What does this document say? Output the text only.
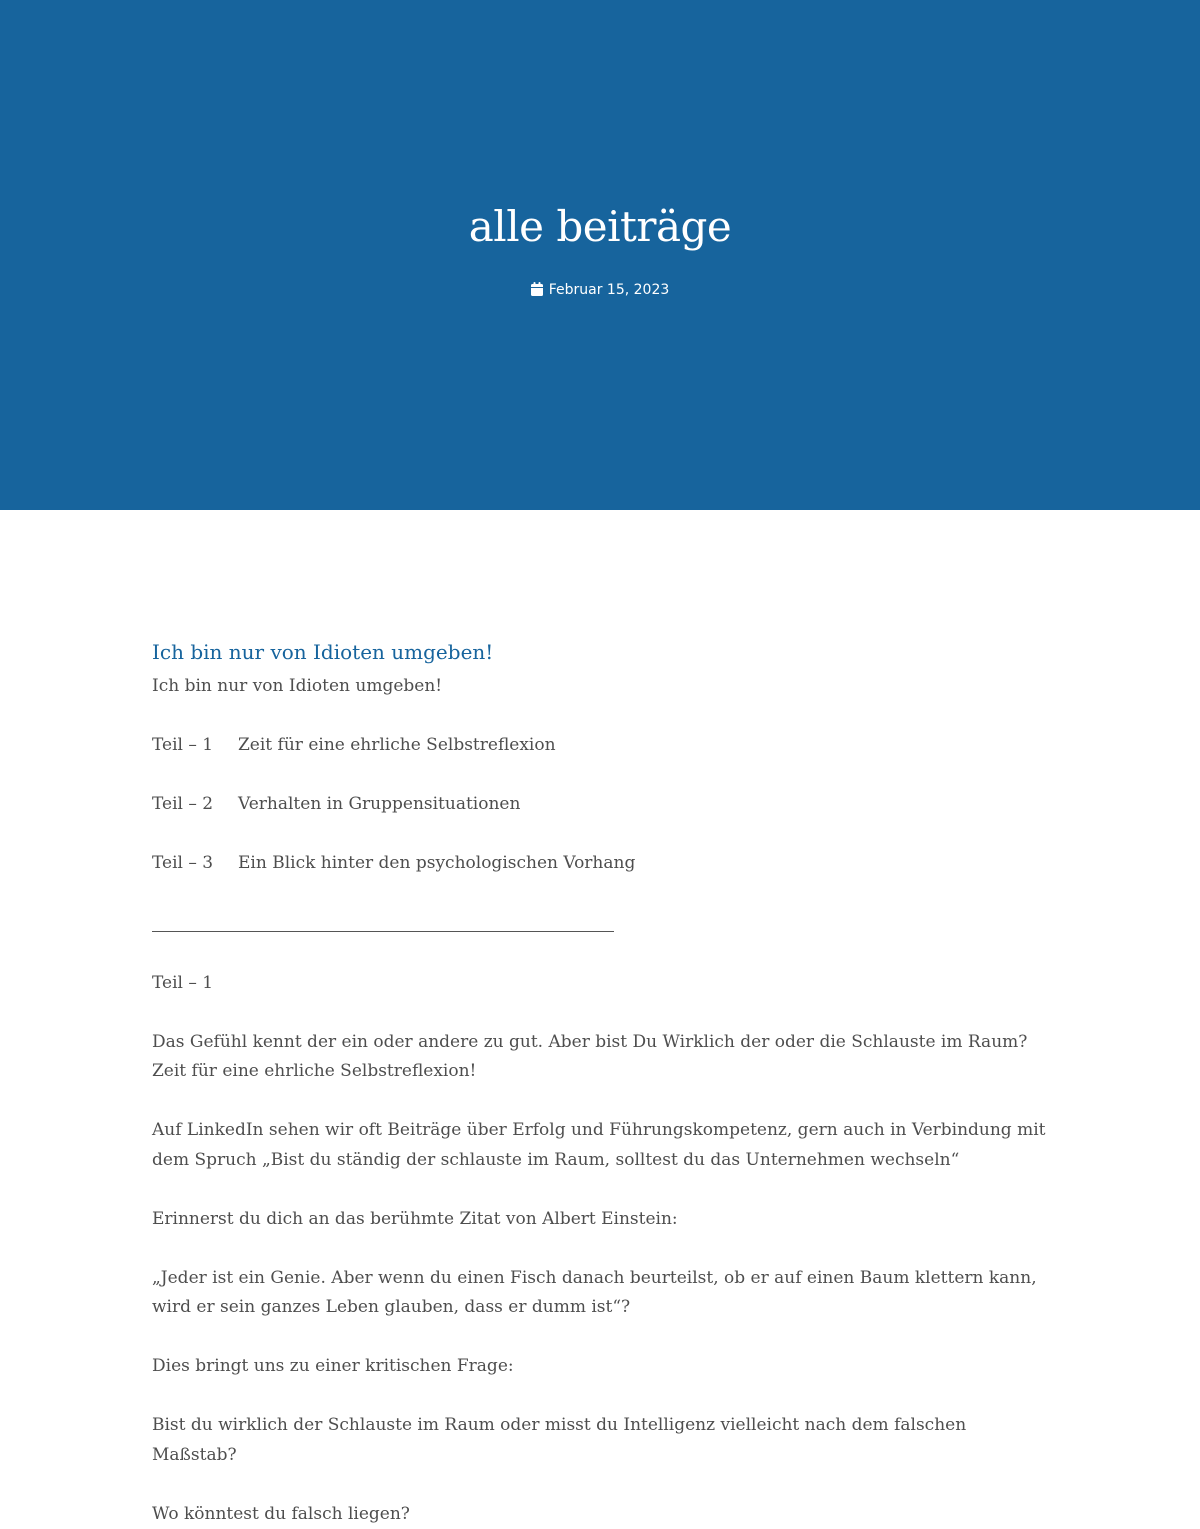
alle beiträge
Februar 15, 2023
Ich bin nur von Idioten umgeben!

Ich bin nur von Idioten umgeben!

Teil – 1 Zeit für eine ehrliche Selbstreflexion

Teil – 2 Verhalten in Gruppensituationen

Teil – 3 Ein Blick hinter den psychologischen Vorhang

Teil – 1

Das Gefühl kennt der ein oder andere zu gut. Aber bist Du Wirklich der oder die Schlauste im Raum? Zeit für eine ehrliche Selbstreflexion!

Auf LinkedIn sehen wir oft Beiträge über Erfolg und Führungskompetenz, gern auch in Verbindung mit dem Spruch „Bist du ständig der schlauste im Raum, solltest du das Unternehmen wechseln“

Erinnerst du dich an das berühmte Zitat von Albert Einstein:

„Jeder ist ein Genie. Aber wenn du einen Fisch danach beurteilst, ob er auf einen Baum klettern kann, wird er sein ganzes Leben glauben, dass er dumm ist“?

Dies bringt uns zu einer kritischen Frage:

Bist du wirklich der Schlauste im Raum oder misst du Intelligenz vielleicht nach dem falschen Maßstab?

Wo könntest du falsch liegen?
